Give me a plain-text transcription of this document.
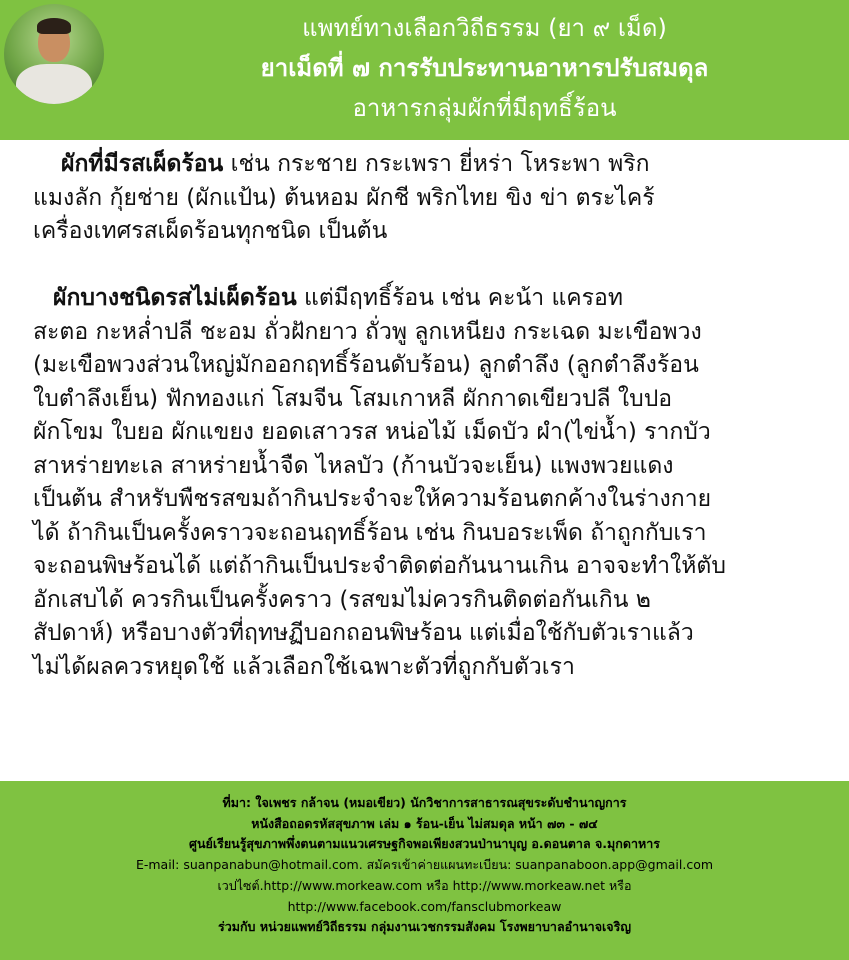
แพทย์ทางเลือกวิถีธรรม (ยา ๙ เม็ด)
ยาเม็ดที่ ๗ การรับประทานอาหารปรับสมดุล
อาหารกลุ่มผักที่มีฤทธิ์ร้อน
ผักที่มีรสเผ็ดร้อน เช่น กระชาย กระเพรา ยี่หร่า โหระพา พริก
แมงลัก กุ้ยช่าย (ผักแป้น) ต้นหอม ผักชี พริกไทย ขิง ข่า ตระไคร้
เครื่องเทศรสเผ็ดร้อนทุกชนิด เป็นต้น
ผักบางชนิดรสไม่เผ็ดร้อน แต่มีฤทธิ์ร้อน เช่น คะน้า แครอท
สะตอ กะหล่ำปลี ชะอม ถั่วฝักยาว ถั่วพู ลูกเหนียง กระเฉด มะเขือพวง
(มะเขือพวงส่วนใหญ่มักออกฤทธิ์ร้อนดับร้อน) ลูกตำลึง (ลูกตำลึงร้อน
ใบตำลึงเย็น) ฟักทองแก่ โสมจีน โสมเกาหลี ผักกาดเขียวปลี ใบปอ
ผักโขม ใบยอ ผักแขยง ยอดเสาวรส หน่อไม้ เม็ดบัว ผำ(ไข่น้ำ) รากบัว
สาหร่ายทะเล สาหร่ายน้ำจืด ไหลบัว (ก้านบัวจะเย็น) แพงพวยแดง
เป็นต้น สำหรับพืชรสขมถ้ากินประจำจะให้ความร้อนตกค้างในร่างกาย
ได้ ถ้ากินเป็นครั้งคราวจะถอนฤทธิ์ร้อน เช่น กินบอระเพ็ด ถ้าถูกกับเรา
จะถอนพิษร้อนได้ แต่ถ้ากินเป็นประจำติดต่อกันนานเกิน อาจจะทำให้ตับ
อักเสบได้ ควรกินเป็นครั้งคราว (รสขมไม่ควรกินติดต่อกันเกิน ๒
สัปดาห์) หรือบางตัวที่ฤทษฏีบอกถอนพิษร้อน แต่เมื่อใช้กับตัวเราแล้ว
ไม่ได้ผลควรหยุดใช้ แล้วเลือกใช้เฉพาะตัวที่ถูกกับตัวเรา
ที่มา: ใจเพชร กล้าจน (หมอเขียว) นักวิชาการสาธารณสุขระดับชำนาญการ
หนังสือถอดรหัสสุขภาพ เล่ม ๑ ร้อน-เย็น ไม่สมดุล หน้า ๗๓ - ๗๔
ศูนย์เรียนรู้สุขภาพพึ่งตนตามแนวเศรษฐกิจพอเพียงสวนป่านาบุญ อ.ดอนตาล จ.มุกดาหาร
E-mail: suanpanabun@hotmail.com. สมัครเข้าค่ายแผนทะเบียน: suanpanaboon.app@gmail.com
เวปไซต์.http://www.morkeaw.com หรือ http://www.morkeaw.net หรือ
http://www.facebook.com/fansclubmorkeaw
ร่วมกับ หน่วยแพทย์วิถีธรรม กลุ่มงานเวชกรรมสังคม โรงพยาบาลอำนาจเจริญ
